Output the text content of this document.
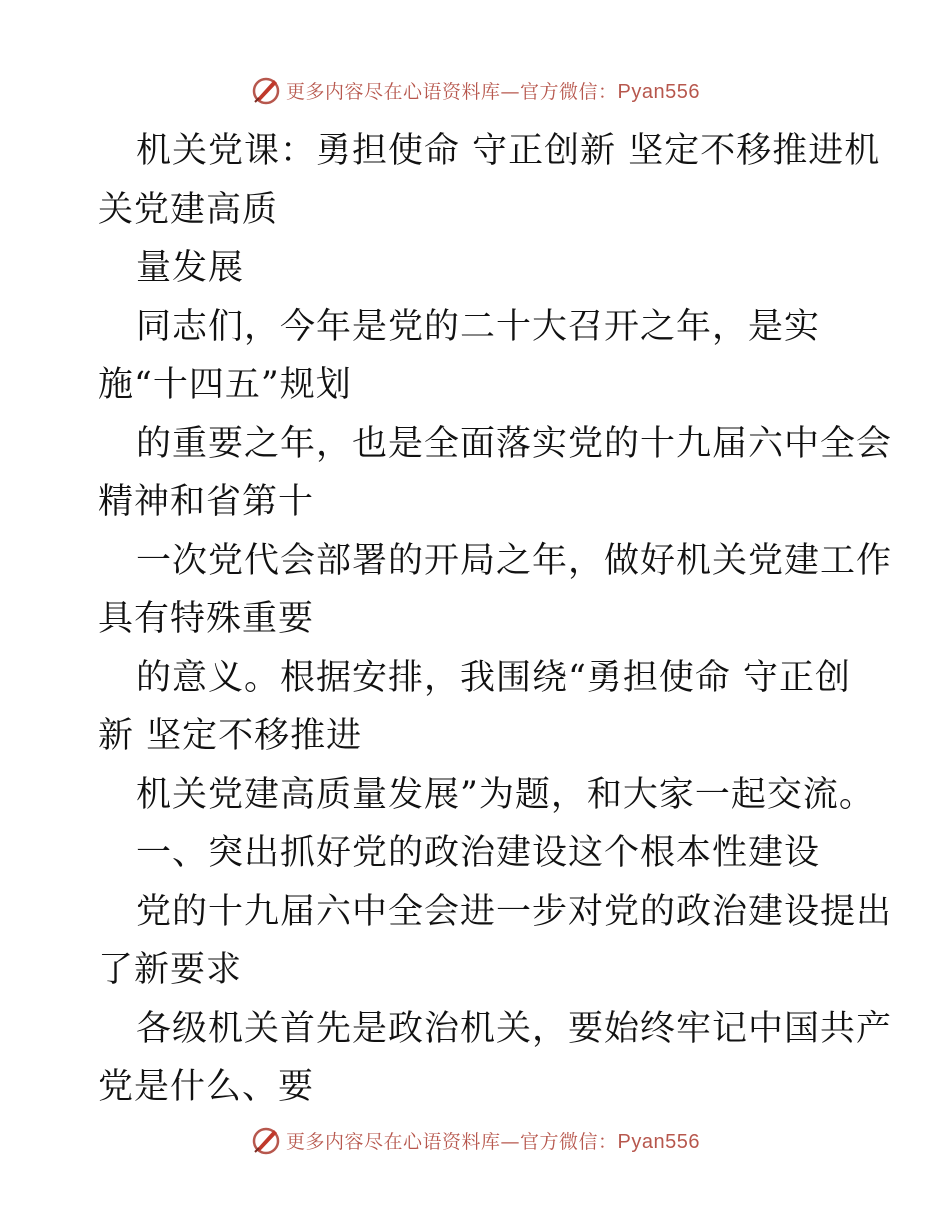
更多内容尽在心语资料库—官方微信：Pyan556
机关党课：勇担使命 守正创新 坚定不移推进机
关党建高质
量发展
同志们，今年是党的二十大召开之年，是实
施“十四五”规划
的重要之年，也是全面落实党的十九届六中全会
精神和省第十
一次党代会部署的开局之年，做好机关党建工作
具有特殊重要
的意义。根据安排，我围绕“勇担使命 守正创
新 坚定不移推进
机关党建高质量发展”为题，和大家一起交流。
一、突出抓好党的政治建设这个根本性建设
党的十九届六中全会进一步对党的政治建设提出
了新要求
各级机关首先是政治机关，要始终牢记中国共产
党是什么、要
更多内容尽在心语资料库—官方微信：Pyan556
